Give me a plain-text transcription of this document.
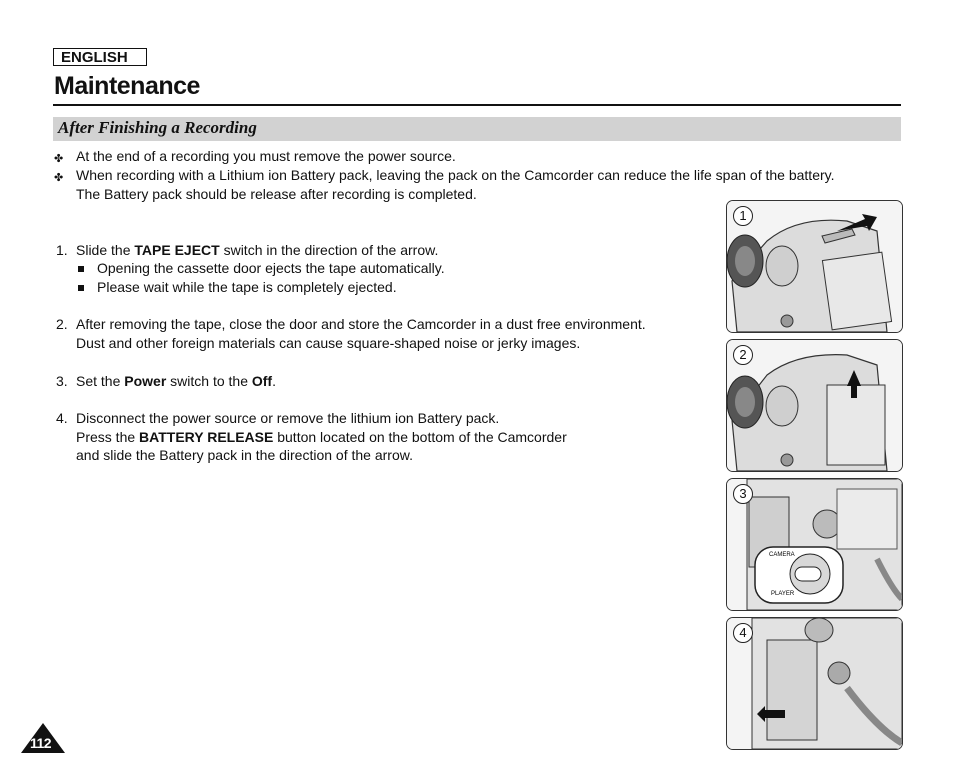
ENGLISH
Maintenance
After Finishing a Recording
✤ At the end of a recording you must remove the power source.
✤ When recording with a Lithium ion Battery pack, leaving the pack on the Camcorder can reduce the life span of the battery.
The Battery pack should be release after recording is completed.
1. Slide the TAPE EJECT switch in the direction of the arrow.
Opening the cassette door ejects the tape automatically.
Please wait while the tape is completely ejected.
2. After removing the tape, close the door and store the Camcorder in a dust free environment.
Dust and other foreign materials can cause square-shaped noise or jerky images.
3. Set the Power switch to the Off.
4. Disconnect the power source or remove the lithium ion Battery pack.
Press the BATTERY RELEASE button located on the bottom of the Camcorder
and slide the Battery pack in the direction of the arrow.
1
2
CAMERA
PLAYER
3
4
112
